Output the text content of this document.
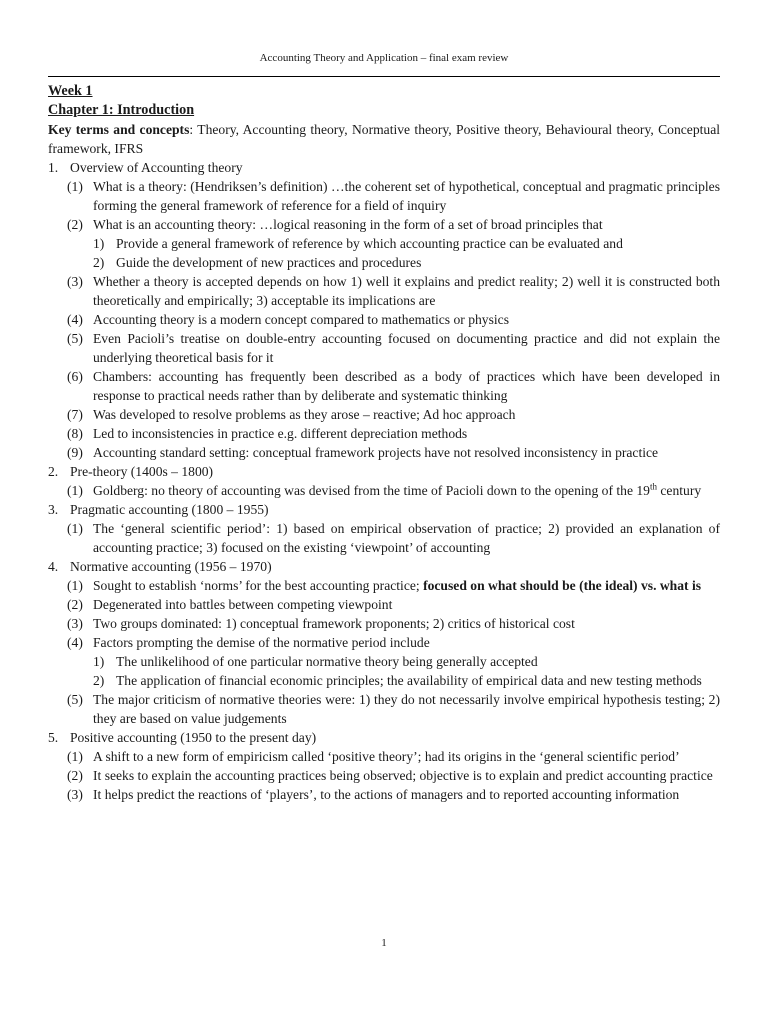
Accounting Theory and Application – final exam review
Week 1
Chapter 1: Introduction
Key terms and concepts: Theory, Accounting theory, Normative theory, Positive theory, Behavioural theory, Conceptual framework, IFRS
1. Overview of Accounting theory
(1) What is a theory: (Hendriksen’s definition) …the coherent set of hypothetical, conceptual and pragmatic principles forming the general framework of reference for a field of inquiry
(2) What is an accounting theory: …logical reasoning in the form of a set of broad principles that
1) Provide a general framework of reference by which accounting practice can be evaluated and
2) Guide the development of new practices and procedures
(3) Whether a theory is accepted depends on how 1) well it explains and predict reality; 2) well it is constructed both theoretically and empirically; 3) acceptable its implications are
(4) Accounting theory is a modern concept compared to mathematics or physics
(5) Even Pacioli’s treatise on double-entry accounting focused on documenting practice and did not explain the underlying theoretical basis for it
(6) Chambers: accounting has frequently been described as a body of practices which have been developed in response to practical needs rather than by deliberate and systematic thinking
(7) Was developed to resolve problems as they arose – reactive; Ad hoc approach
(8) Led to inconsistencies in practice e.g. different depreciation methods
(9) Accounting standard setting: conceptual framework projects have not resolved inconsistency in practice
2. Pre-theory (1400s – 1800)
(1) Goldberg: no theory of accounting was devised from the time of Pacioli down to the opening of the 19th century
3. Pragmatic accounting (1800 – 1955)
(1) The ‘general scientific period’: 1) based on empirical observation of practice; 2) provided an explanation of accounting practice; 3) focused on the existing ‘viewpoint’ of accounting
4. Normative accounting (1956 – 1970)
(1) Sought to establish ‘norms’ for the best accounting practice; focused on what should be (the ideal) vs. what is
(2) Degenerated into battles between competing viewpoint
(3) Two groups dominated: 1) conceptual framework proponents; 2) critics of historical cost
(4) Factors prompting the demise of the normative period include
1) The unlikelihood of one particular normative theory being generally accepted
2) The application of financial economic principles; the availability of empirical data and new testing methods
(5) The major criticism of normative theories were: 1) they do not necessarily involve empirical hypothesis testing; 2) they are based on value judgements
5. Positive accounting (1950 to the present day)
(1) A shift to a new form of empiricism called ‘positive theory’; had its origins in the ‘general scientific period’
(2) It seeks to explain the accounting practices being observed; objective is to explain and predict accounting practice
(3) It helps predict the reactions of ‘players’, to the actions of managers and to reported accounting information
1
